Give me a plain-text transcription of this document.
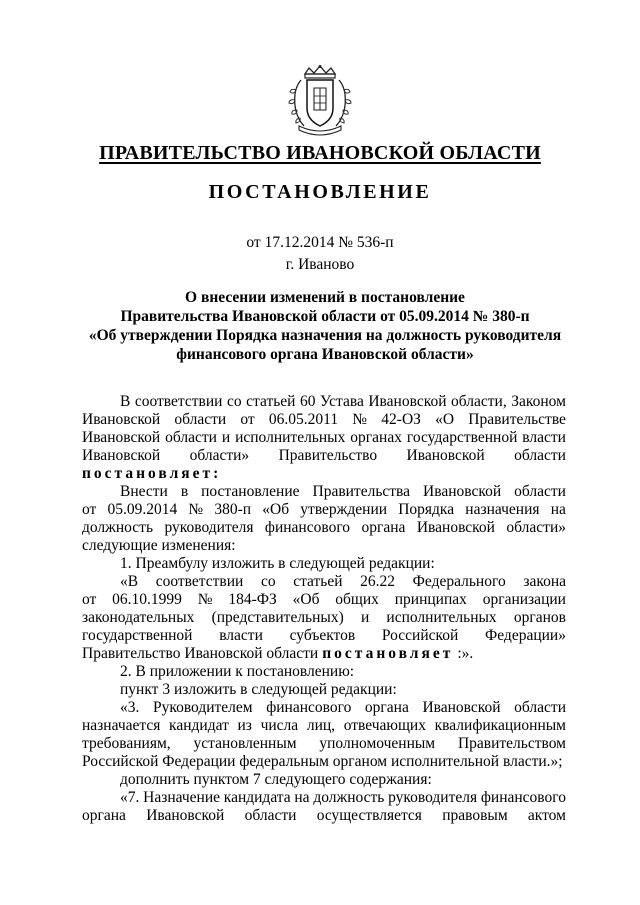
ПРАВИТЕЛЬСТВО ИВАНОВСКОЙ ОБЛАСТИ
ПОСТАНОВЛЕНИЕ
от 17.12.2014 № 536-п
г. Иваново
О внесении изменений в постановление
Правительства Ивановской области от 05.09.2014 № 380-п
«Об утверждении Порядка назначения на должность руководителя
финансового органа Ивановской области»
В соответствии со статьей 60 Устава Ивановской области, Законом
Ивановской области от 06.05.2011 № 42-ОЗ «О Правительстве
Ивановской области и исполнительных органах государственной власти
Ивановской области» Правительство Ивановской области
постановляет:
Внести в постановление Правительства Ивановской области
от 05.09.2014 № 380-п «Об утверждении Порядка назначения на
должность руководителя финансового органа Ивановской области»
следующие изменения:
1. Преамбулу изложить в следующей редакции:
«В соответствии со статьей 26.22 Федерального закона
от 06.10.1999 № 184-ФЗ «Об общих принципах организации
законодательных (представительных) и исполнительных органов
государственной власти субъектов Российской Федерации»
Правительство Ивановской области постановляет :».
2. В приложении к постановлению:
пункт 3 изложить в следующей редакции:
«3. Руководителем финансового органа Ивановской области
назначается кандидат из числа лиц, отвечающих квалификационным
требованиям, установленным уполномоченным Правительством
Российской Федерации федеральным органом исполнительной власти.»;
дополнить пунктом 7 следующего содержания:
«7. Назначение кандидата на должность руководителя финансового
органа Ивановской области осуществляется правовым актом
